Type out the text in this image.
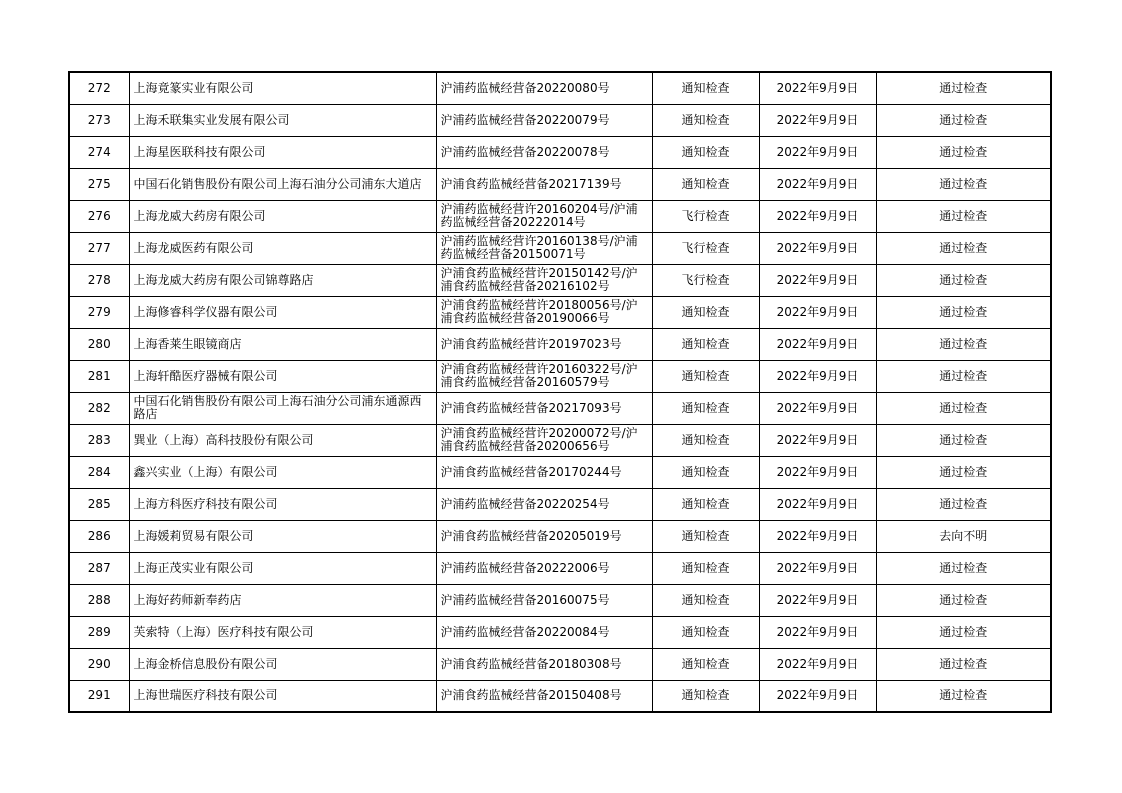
272	上海竟篆实业有限公司	沪浦药监械经营备20220080号	通知检查	2022年9月9日	通过检查
273	上海禾联集实业发展有限公司	沪浦药监械经营备20220079号	通知检查	2022年9月9日	通过检查
274	上海星医联科技有限公司	沪浦药监械经营备20220078号	通知检查	2022年9月9日	通过检查
275	中国石化销售股份有限公司上海石油分公司浦东大道店	沪浦食药监械经营备20217139号	通知检查	2022年9月9日	通过检查
276	上海龙威大药房有限公司	沪浦药监械经营许20160204号/沪浦药监械经营备20222014号	飞行检查	2022年9月9日	通过检查
277	上海龙威医药有限公司	沪浦药监械经营许20160138号/沪浦药监械经营备20150071号	飞行检查	2022年9月9日	通过检查
278	上海龙威大药房有限公司锦尊路店	沪浦食药监械经营许20150142号/沪浦食药监械经营备20216102号	飞行检查	2022年9月9日	通过检查
279	上海修睿科学仪器有限公司	沪浦食药监械经营许20180056号/沪浦食药监械经营备20190066号	通知检查	2022年9月9日	通过检查
280	上海香莱生眼镜商店	沪浦食药监械经营许20197023号	通知检查	2022年9月9日	通过检查
281	上海轩酷医疗器械有限公司	沪浦食药监械经营许20160322号/沪浦食药监械经营备20160579号	通知检查	2022年9月9日	通过检查
282	中国石化销售股份有限公司上海石油分公司浦东通源西路店	沪浦食药监械经营备20217093号	通知检查	2022年9月9日	通过检查
283	巽业（上海）高科技股份有限公司	沪浦食药监械经营许20200072号/沪浦食药监械经营备20200656号	通知检查	2022年9月9日	通过检查
284	鑫兴实业（上海）有限公司	沪浦食药监械经营备20170244号	通知检查	2022年9月9日	通过检查
285	上海方科医疗科技有限公司	沪浦药监械经营备20220254号	通知检查	2022年9月9日	通过检查
286	上海媛莉贸易有限公司	沪浦食药监械经营备20205019号	通知检查	2022年9月9日	去向不明
287	上海正茂实业有限公司	沪浦药监械经营备20222006号	通知检查	2022年9月9日	通过检查
288	上海好药师新奉药店	沪浦药监械经营备20160075号	通知检查	2022年9月9日	通过检查
289	芙索特（上海）医疗科技有限公司	沪浦药监械经营备20220084号	通知检查	2022年9月9日	通过检查
290	上海金桥信息股份有限公司	沪浦食药监械经营备20180308号	通知检查	2022年9月9日	通过检查
291	上海世瑞医疗科技有限公司	沪浦食药监械经营备20150408号	通知检查	2022年9月9日	通过检查
